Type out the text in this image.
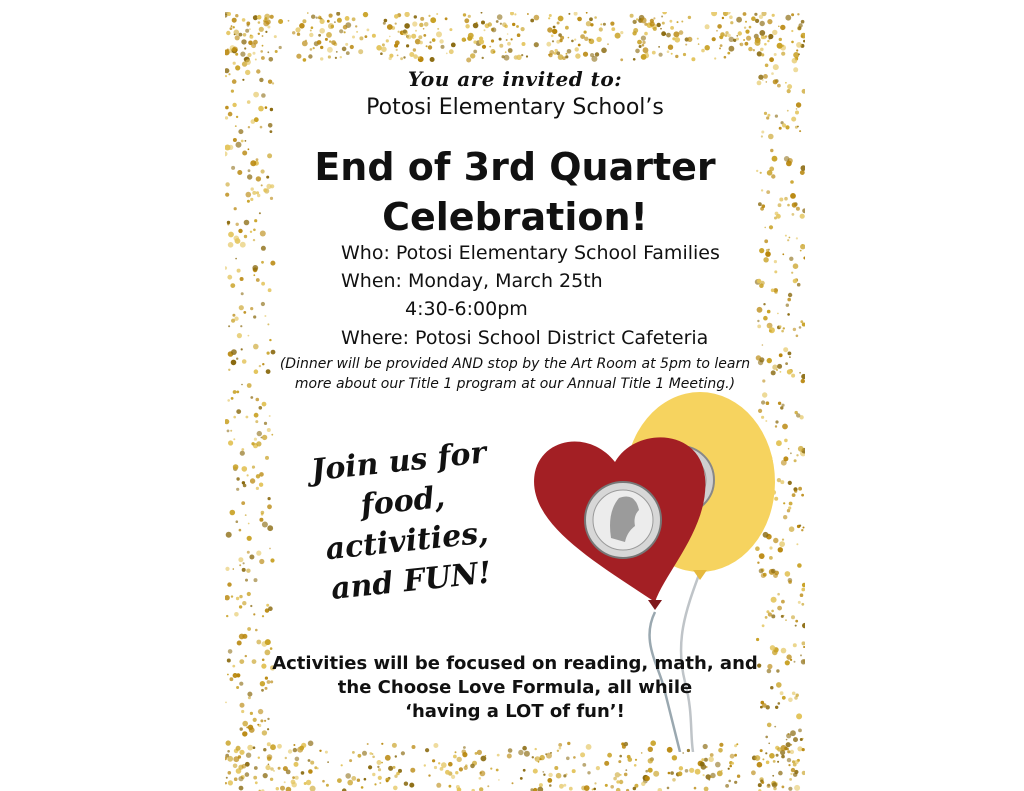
You are invited to:
Potosi Elementary School’s
End of 3rd Quarter
Celebration!
Who: Potosi Elementary School Families
When: Monday, March 25th
4:30-6:00pm
Where: Potosi School District Cafeteria
(Dinner will be provided AND stop by the Art Room at 5pm to learn
more about our Title 1 program at our Annual Title 1 Meeting.)
Join us for
food,
activities,
and FUN!
Activities will be focused on reading, math, and
the Choose Love Formula, all while
‘having a LOT of fun’!
